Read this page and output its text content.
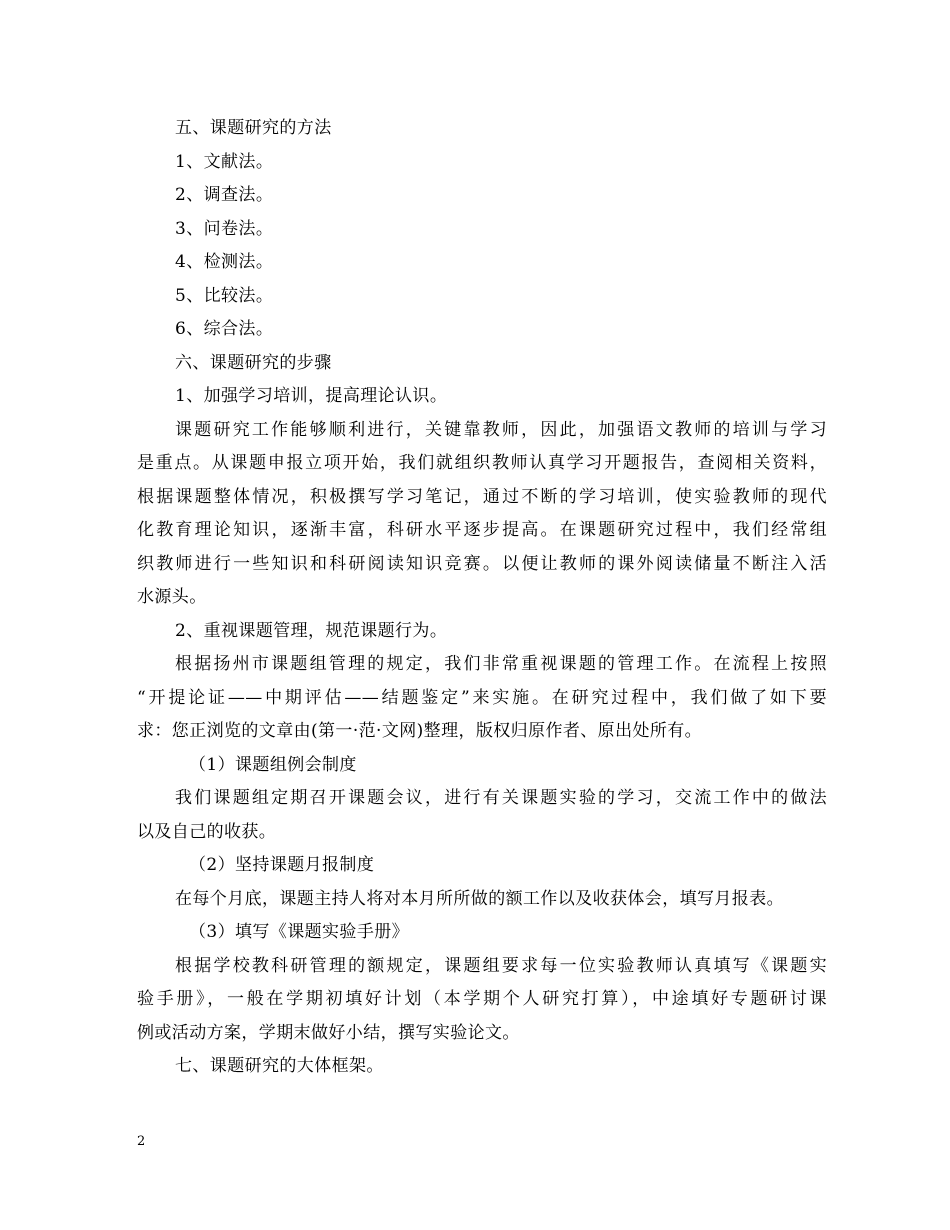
五、课题研究的方法
1、文献法。
2、调查法。
3、问卷法。
4、检测法。
5、比较法。
6、综合法。
六、课题研究的步骤
1、加强学习培训，提高理论认识。
课题研究工作能够顺利进行，关键靠教师，因此，加强语文教师的培训与学习
是重点。从课题申报立项开始，我们就组织教师认真学习开题报告，查阅相关资料，
根据课题整体情况，积极撰写学习笔记，通过不断的学习培训，使实验教师的现代
化教育理论知识，逐渐丰富，科研水平逐步提高。在课题研究过程中，我们经常组
织教师进行一些知识和科研阅读知识竞赛。以便让教师的课外阅读储量不断注入活
水源头。
2、重视课题管理，规范课题行为。
根据扬州市课题组管理的规定，我们非常重视课题的管理工作。在流程上按照
“开提论证——中期评估——结题鉴定”来实施。在研究过程中，我们做了如下要
求：您正浏览的文章由(第一·范·文网)整理，版权归原作者、原出处所有。
（1）课题组例会制度
我们课题组定期召开课题会议，进行有关课题实验的学习，交流工作中的做法
以及自己的收获。
（2）坚持课题月报制度
在每个月底，课题主持人将对本月所所做的额工作以及收获体会，填写月报表。
（3）填写《课题实验手册》
根据学校教科研管理的额规定，课题组要求每一位实验教师认真填写《课题实
验手册》，一般在学期初填好计划（本学期个人研究打算），中途填好专题研讨课
例或活动方案，学期末做好小结，撰写实验论文。
七、课题研究的大体框架。
2
